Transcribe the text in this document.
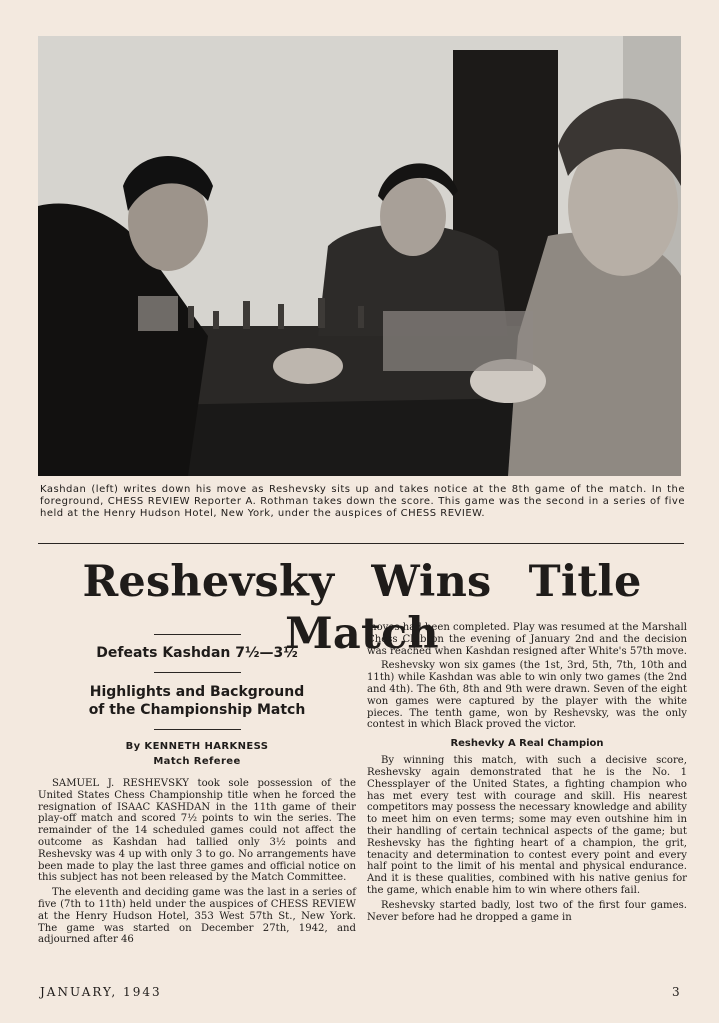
Kashdan (left) writes down his move as Reshevsky sits up and takes notice at the 8th game of the match. In the foreground, CHESS REVIEW Reporter A. Rothman takes down the score. This game was the second in a series of five held at the Henry Hudson Hotel, New York, under the auspices of CHESS REVIEW.
Reshevsky Wins Title Match
Defeats Kashdan 7½—3½
Highlights and Background
of the Championship Match
By KENNETH HARKNESS
Match Referee

SAMUEL J. RESHEVSKY took sole possession of the United States Chess Championship title when he forced the resignation of ISAAC KASHDAN in the 11th game of their play-off match and scored 7½ points to win the series. The remainder of the 14 scheduled games could not affect the outcome as Kashdan had tallied only 3½ points and Reshevsky was 4 up with only 3 to go. No arrangements have been made to play the last three games and official notice on this subject has not been released by the Match Committee.

The eleventh and deciding game was the last in a series of five (7th to 11th) held under the auspices of CHESS REVIEW at the Henry Hudson Hotel, 353 West 57th St., New York. The game was started on December 27th, 1942, and adjourned after 46

moves had been completed. Play was resumed at the Marshall Chess Club on the evening of January 2nd and the decision was reached when Kashdan resigned after White's 57th move.

Reshevsky won six games (the 1st, 3rd, 5th, 7th, 10th and 11th) while Kashdan was able to win only two games (the 2nd and 4th). The 6th, 8th and 9th were drawn. Seven of the eight won games were captured by the player with the white pieces. The tenth game, won by Reshevsky, was the only contest in which Black proved the victor.

Reshevky A Real Champion

By winning this match, with such a decisive score, Reshevsky again demonstrated that he is the No. 1 Chessplayer of the United States, a fighting champion who has met every test with courage and skill. His nearest competitors may possess the necessary knowledge and ability to meet him on even terms; some may even outshine him in their handling of certain technical aspects of the game; but Reshevsky has the fighting heart of a champion, the grit, tenacity and determination to contest every point and every half point to the limit of his mental and physical endurance. And it is these qualities, combined with his native genius for the game, which enable him to win where others fail.

Reshevsky started badly, lost two of the first four games. Never before had he dropped a game in

JANUARY, 1943	3
